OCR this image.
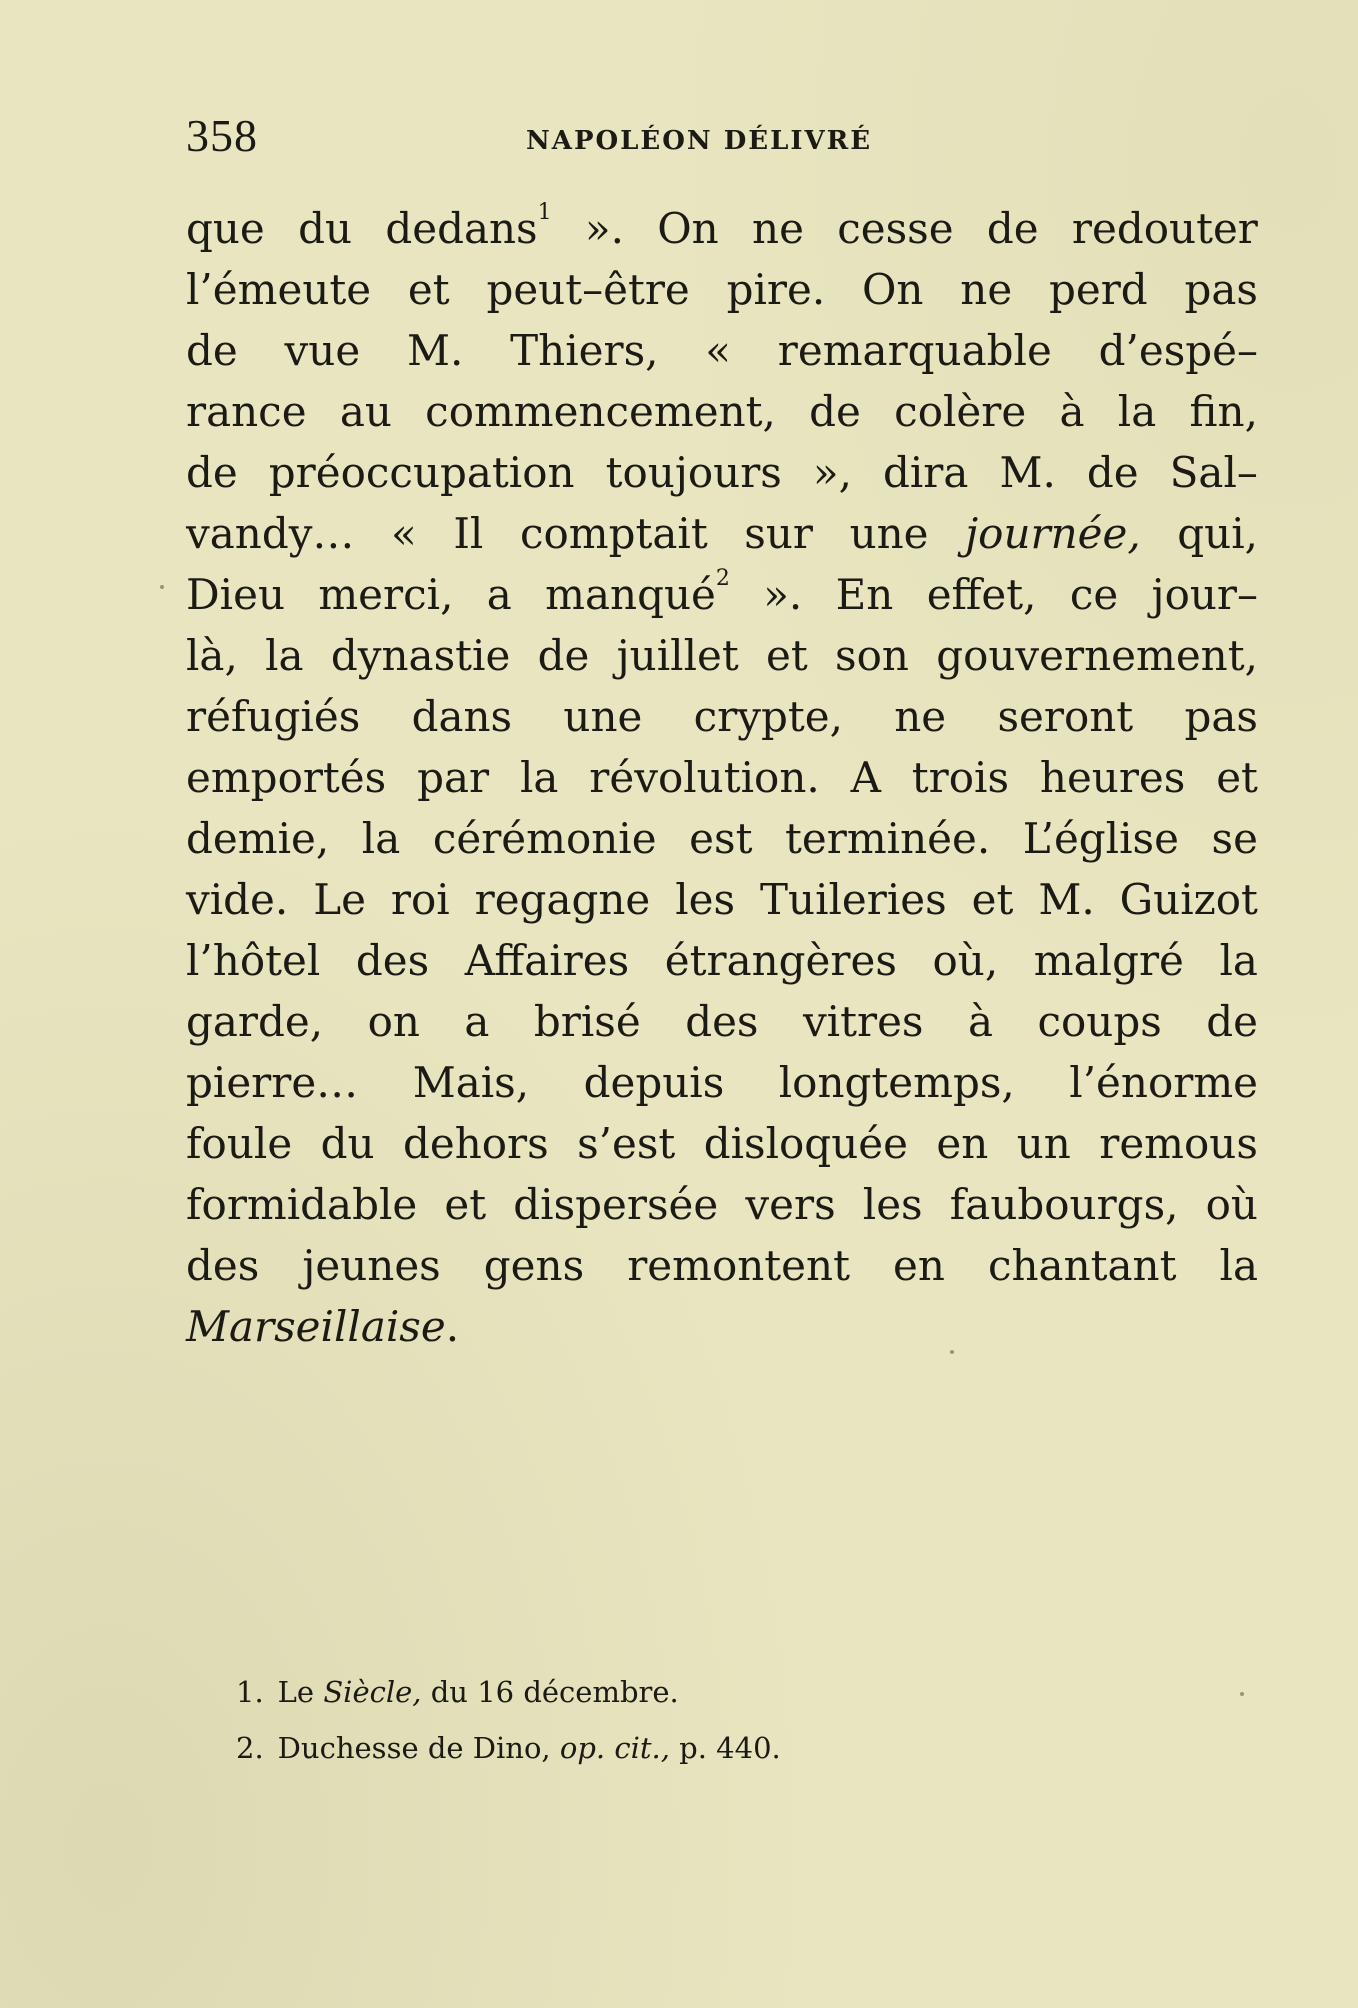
358	NAPOLÉON DÉLIVRÉ
que du dedans$^1$ ». On ne cesse de redouter
l’émeute et peut–être pire. On ne perd pas
de vue M. Thiers, « remarquable d’espé–
rance au commencement, de colère à la fin,
de préoccupation toujours », dira M. de Sal–
vandy… « Il comptait sur une journée, qui,
Dieu merci, a manqué$^2$ ». En effet, ce jour–
là, la dynastie de juillet et son gouvernement,
réfugiés dans une crypte, ne seront pas
emportés par la révolution. A trois heures et
demie, la cérémonie est terminée. L’église se
vide. Le roi regagne les Tuileries et M. Guizot
l’hôtel des Affaires étrangères où, malgré la
garde, on a brisé des vitres à coups de
pierre… Mais, depuis longtemps, l’énorme
foule du dehors s’est disloquée en un remous
formidable et dispersée vers les faubourgs, où
des jeunes gens remontent en chantant la
Marseillaise .
1. Le Siècle, du 16 décembre.
2. Duchesse de Dino, op. cit., p. 440.
